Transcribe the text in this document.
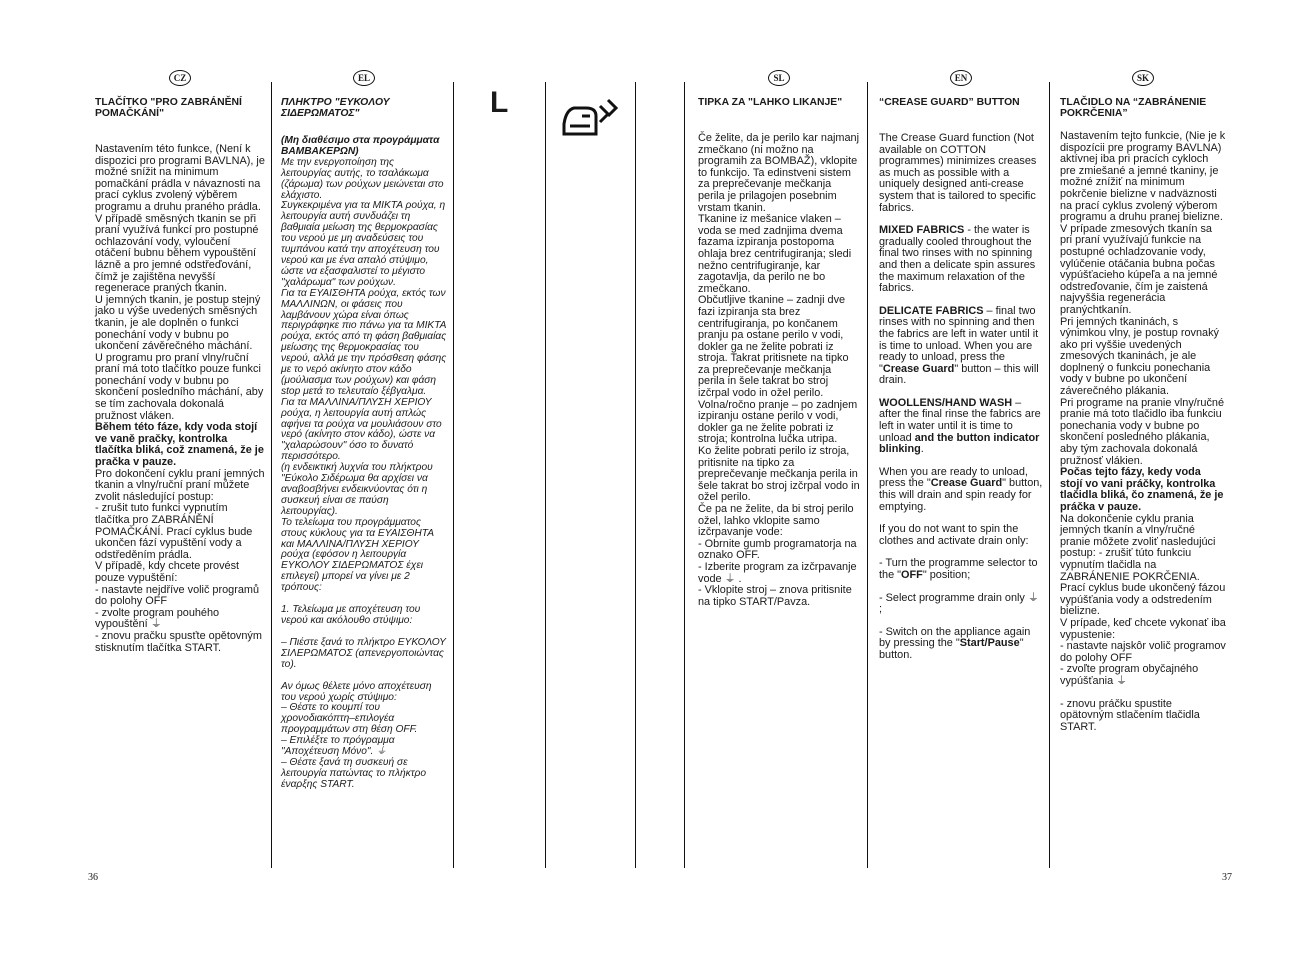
CZ
TLAČÍTKO "PRO ZABRÁNĚNÍ POMAČKÁNÍ"

Nastavením této funkce, (Není k dispozici pro programi BAVLNA), je možné snížit na minimum pomačkání prádla v návaznosti na prací cyklus zvolený výběrem programu a druhu praného prádla.

V případě směsných tkanin se při praní využívá funkcí pro postupné ochlazování vody, vyloučení otáčení bubnu během vypouštění lázně a pro jemné odstřeďování, čímž je zajištěna nevyšší regenerace praných tkanin.

U jemných tkanin, je postup stejný jako u výše uvedených směsných tkanin, je ale doplněn o funkci ponechání vody v bubnu po ukončení závěrečného máchání.

U programu pro praní vlny/ruční praní má toto tlačítko pouze funkci ponechání vody v bubnu po skončení posledního máchání, aby se tím zachovala dokonalá pružnost vláken.

Během této fáze, kdy voda stojí ve vaně pračky, kontrolka tlačítka bliká, což znamená, že je pračka v pauze.

Pro dokončení cyklu praní jemných tkanin a vlny/ruční praní můžete zvolit následující postup:

- zrušit tuto funkci vypnutím tlačítka pro ZABRÁNĚNÍ POMAČKÁNÍ. Prací cyklus bude ukončen fází vypuštění vody a odstředěním prádla.

V případě, kdy chcete provést pouze vypuštění:

- nastavte nejdříve volič programů do polohy OFF

- zvolte program pouhého vypouštění ⏚

- znovu pračku spusťte opětovným stisknutím tlačítka START.

EL
ΠΛΗΚΤΡΟ "ΕΥΚΟΛΟΥ ΣΙΔΕΡΩΜΑΤΟΣ"

(Μη διαθέσιμο στα προγράμματα ΒΑΜΒΑΚΕΡΩΝ)

Με την ενεργοποίηση της λειτουργίας αυτής, το τσαλάκωμα (ζάρωμα) των ρούχων μειώνεται στο ελάχιστο.

Συγκεκριμένα για τα ΜΙΚΤΑ ρούχα, η λειτουργία αυτή συνδυάζει τη βαθμιαία μείωση της θερμοκρασίας του νερού με μη αναδεύσεις του τυμπάνου κατά την αποχέτευση του νερού και με ένα απαλό στύψιμο, ώστε να εξασφαλιστεί το μέγιστο "χαλάρωμα" των ρούχων.

Για τα ΕΥΑΙΣΘΗΤΑ ρούχα, εκτός των ΜΑΛΛΙΝΩΝ, οι φάσεις που λαμβάνουν χώρα είναι όπως περιγράφηκε πιο πάνω για τα ΜΙΚΤΑ ρούχα, εκτός από τη φάση βαθμιαίας μείωσης της θερμοκρασίας του νερού, αλλά με την πρόσθεση φάσης με το νερό ακίνητο στον κάδο (μούλιασμα των ρούχων) και φάση stop μετά το τελευταίο ξέβγαλμα.

Για τα ΜΑΛΛΙΝΑ/ΠΛΥΣΗ ΧΕΡΙΟΥ ρούχα, η λειτουργία αυτή απλώς αφήνει τα ρούχα να μουλιάσουν στο νερό (ακίνητο στον κάδο), ώστε να "χαλαρώσουν" όσο το δυνατό περισσότερο.

(η ενδεικτική λυχνία του πλήκτρου "Εύκολο Σιδέρωμα θα αρχίσει να αναβοσβήνει ενδεικνύοντας ότι η συσκευή είναι σε παύση λειτουργίας).

Το τελείωμα του προγράμματος στους κύκλους για τα ΕΥΑΙΣΘΗΤΑ και ΜΑΛΛΙΝΑ/ΠΛΥΣΗ ΧΕΡΙΟΥ ρούχα (εφόσον η λειτουργία ΕΥΚΟΛΟΥ ΣΙΔΕΡΩΜΑΤΟΣ έχει επιλεγεί) μπορεί να γίνει με 2 τρόπους:

1. Τελείωμα με αποχέτευση του νερού και ακόλουθο στύψιμο:

– Πιέστε ξανά το πλήκτρο ΕΥΚΟΛΟΥ ΣΙΛΕΡΩΜΑΤΟΣ (απενεργοποιώντας το).

Αν όμως θέλετε μόνο αποχέτευση του νερού χωρίς στύψιμο:

– Θέστε το κουμπί του χρονοδιακόπτη–επιλογέα προγραμμάτων στη θέση OFF.

– Επιλέξτε το πρόγραμμα "Αποχέτευση Μόνο". ⏚

– Θέστε ξανά τη συσκευή σε λειτουργία πατώντας το πλήκτρο έναρξης START.

L
SL
TIPKA ZA "LAHKO LIKANJE"

Če želite, da je perilo kar najmanj zmečkano (ni možno na programih za BOMBAŽ), vklopite to funkcijo. Ta edinstveni sistem za preprečevanje mečkanja perila je prilagojen posebnim vrstam tkanin.

Tkanine iz mešanice vlaken – voda se med zadnjima dvema fazama izpiranja postopoma ohlaja brez centrifugiranja; sledi nežno centrifugiranje, kar zagotavlja, da perilo ne bo zmečkano.

Občutljive tkanine – zadnji dve fazi izpiranja sta brez centrifugiranja, po končanem pranju pa ostane perilo v vodi, dokler ga ne želite pobrati iz stroja. Takrat pritisnete na tipko za preprečevanje mečkanja perila in šele takrat bo stroj izčrpal vodo in ožel perilo.

Volna/ročno pranje – po zadnjem izpiranju ostane perilo v vodi, dokler ga ne želite pobrati iz stroja; kontrolna lučka utripa.

Ko želite pobrati perilo iz stroja, pritisnite na tipko za preprečevanje mečkanja perila in šele takrat bo stroj izčrpal vodo in ožel perilo.

Če pa ne želite, da bi stroj perilo ožel, lahko vklopite samo izčrpavanje vode:

- Obrnite gumb programatorja na oznako OFF.

- Izberite program za izčrpavanje vode ⏚ .

- Vklopite stroj – znova pritisnite na tipko START/Pavza.

EN
“CREASE GUARD” BUTTON

The Crease Guard function (Not available on COTTON programmes) minimizes creases as much as possible with a uniquely designed anti-crease system that is tailored to specific fabrics.

MIXED FABRICS - the water is gradually cooled throughout the final two rinses with no spinning and then a delicate spin assures the maximum relaxation of the fabrics.

DELICATE FABRICS – final two rinses with no spinning and then the fabrics are left in water until it is time to unload. When you are ready to unload, press the "Crease Guard" button – this will drain.

WOOLLENS/HAND WASH – after the final rinse the fabrics are left in water until it is time to unload and the button indicator blinking.

When you are ready to unload, press the "Crease Guard" button, this will drain and spin ready for emptying.

If you do not want to spin the clothes and activate drain only:

- Turn the programme selector to the "OFF" position;

- Select programme drain only ⏚ ;

- Switch on the appliance again by pressing the "Start/Pause" button.

SK
TLAČIDLO NA “ZABRÁNENIE POKRČENIA”

Nastavením tejto funkcie, (Nie je k dispozícii pre programy BAVLNA) aktívnej iba pri pracích cykloch pre zmiešané a jemné tkaniny, je možné znížiť na minimum pokrčenie bielizne v nadväznosti na prací cyklus zvolený výberom programu a druhu pranej bielizne.

V prípade zmesových tkanín sa pri praní využívajú funkcie na postupné ochladzovanie vody, vylúčenie otáčania bubna počas vypúšťacieho kúpeľa a na jemné odstreďovanie, čím je zaistená najvyššia regenerácia pranýchtkanín.

Pri jemných tkaninách, s výnimkou vlny, je postup rovnaký ako pri vyššie uvedených zmesových tkaninách, je ale doplnený o funkciu ponechania vody v bubne po ukončení záverečného plákania.

Pri programe na pranie vlny/ručné pranie má toto tlačidlo iba funkciu ponechania vody v bubne po skončení posledného plákania, aby tým zachovala dokonalá pružnosť vlákien.

Počas tejto fázy, kedy voda stojí vo vani práčky, kontrolka tlačidla bliká, čo znamená, že je práčka v pauze.

Na dokončenie cyklu prania jemných tkanín a vlny/ručné pranie môžete zvoliť nasledujúci postup: - zrušiť túto funkciu vypnutím tlačidla na ZABRÁNENIE POKRČENIA. Prací cyklus bude ukončený fázou vypúšťania vody a odstredením bielizne.

V prípade, keď chcete vykonať iba vypustenie:

- nastavte najskôr volič programov do polohy OFF

- zvoľte program obyčajného vypúšťania ⏚

- znovu práčku spustite opätovným stlačením tlačidla START.

36	37
